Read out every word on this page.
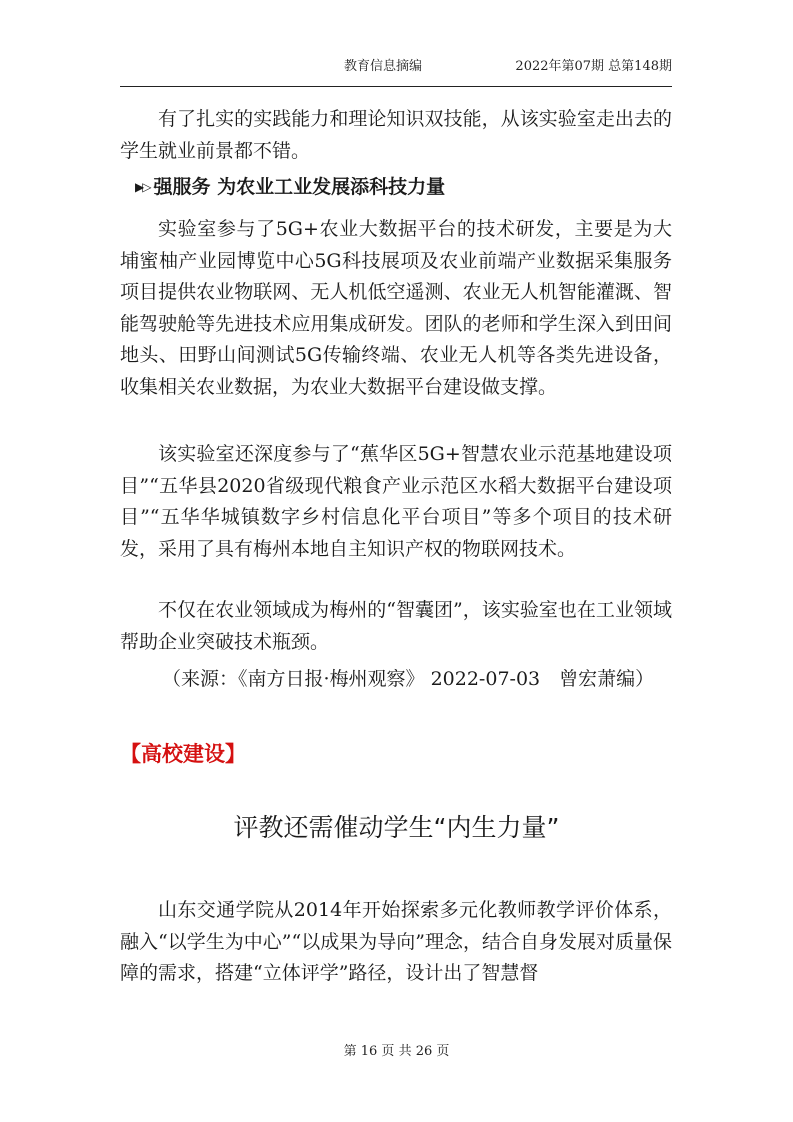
教育信息摘编	2022年第07期 总第148期

有了扎实的实践能力和理论知识双技能，从该实验室走出去的学生就业前景都不错。

▶▷ 强服务 为农业工业发展添科技力量

实验室参与了5G+农业大数据平台的技术研发，主要是为大埔蜜柚产业园博览中心5G科技展项及农业前端产业数据采集服务项目提供农业物联网、无人机低空遥测、农业无人机智能灌溉、智能驾驶舱等先进技术应用集成研发。团队的老师和学生深入到田间地头、田野山间测试5G传输终端、农业无人机等各类先进设备，收集相关农业数据，为农业大数据平台建设做支撑。

该实验室还深度参与了“蕉华区5G+智慧农业示范基地建设项目”“五华县2020省级现代粮食产业示范区水稻大数据平台建设项目”“五华华城镇数字乡村信息化平台项目”等多个项目的技术研发，采用了具有梅州本地自主知识产权的物联网技术。

不仅在农业领域成为梅州的“智囊团”，该实验室也在工业领域帮助企业突破技术瓶颈。

（来源：《南方日报·梅州观察》 2022-07-03　曾宏萧编）

【高校建设】
评教还需催动学生“内生力量”

山东交通学院从2014年开始探索多元化教师教学评价体系，融入“以学生为中心”“以成果为导向”理念，结合自身发展对质量保障的需求，搭建“立体评学”路径，设计出了智慧督

第 16 页 共 26 页
